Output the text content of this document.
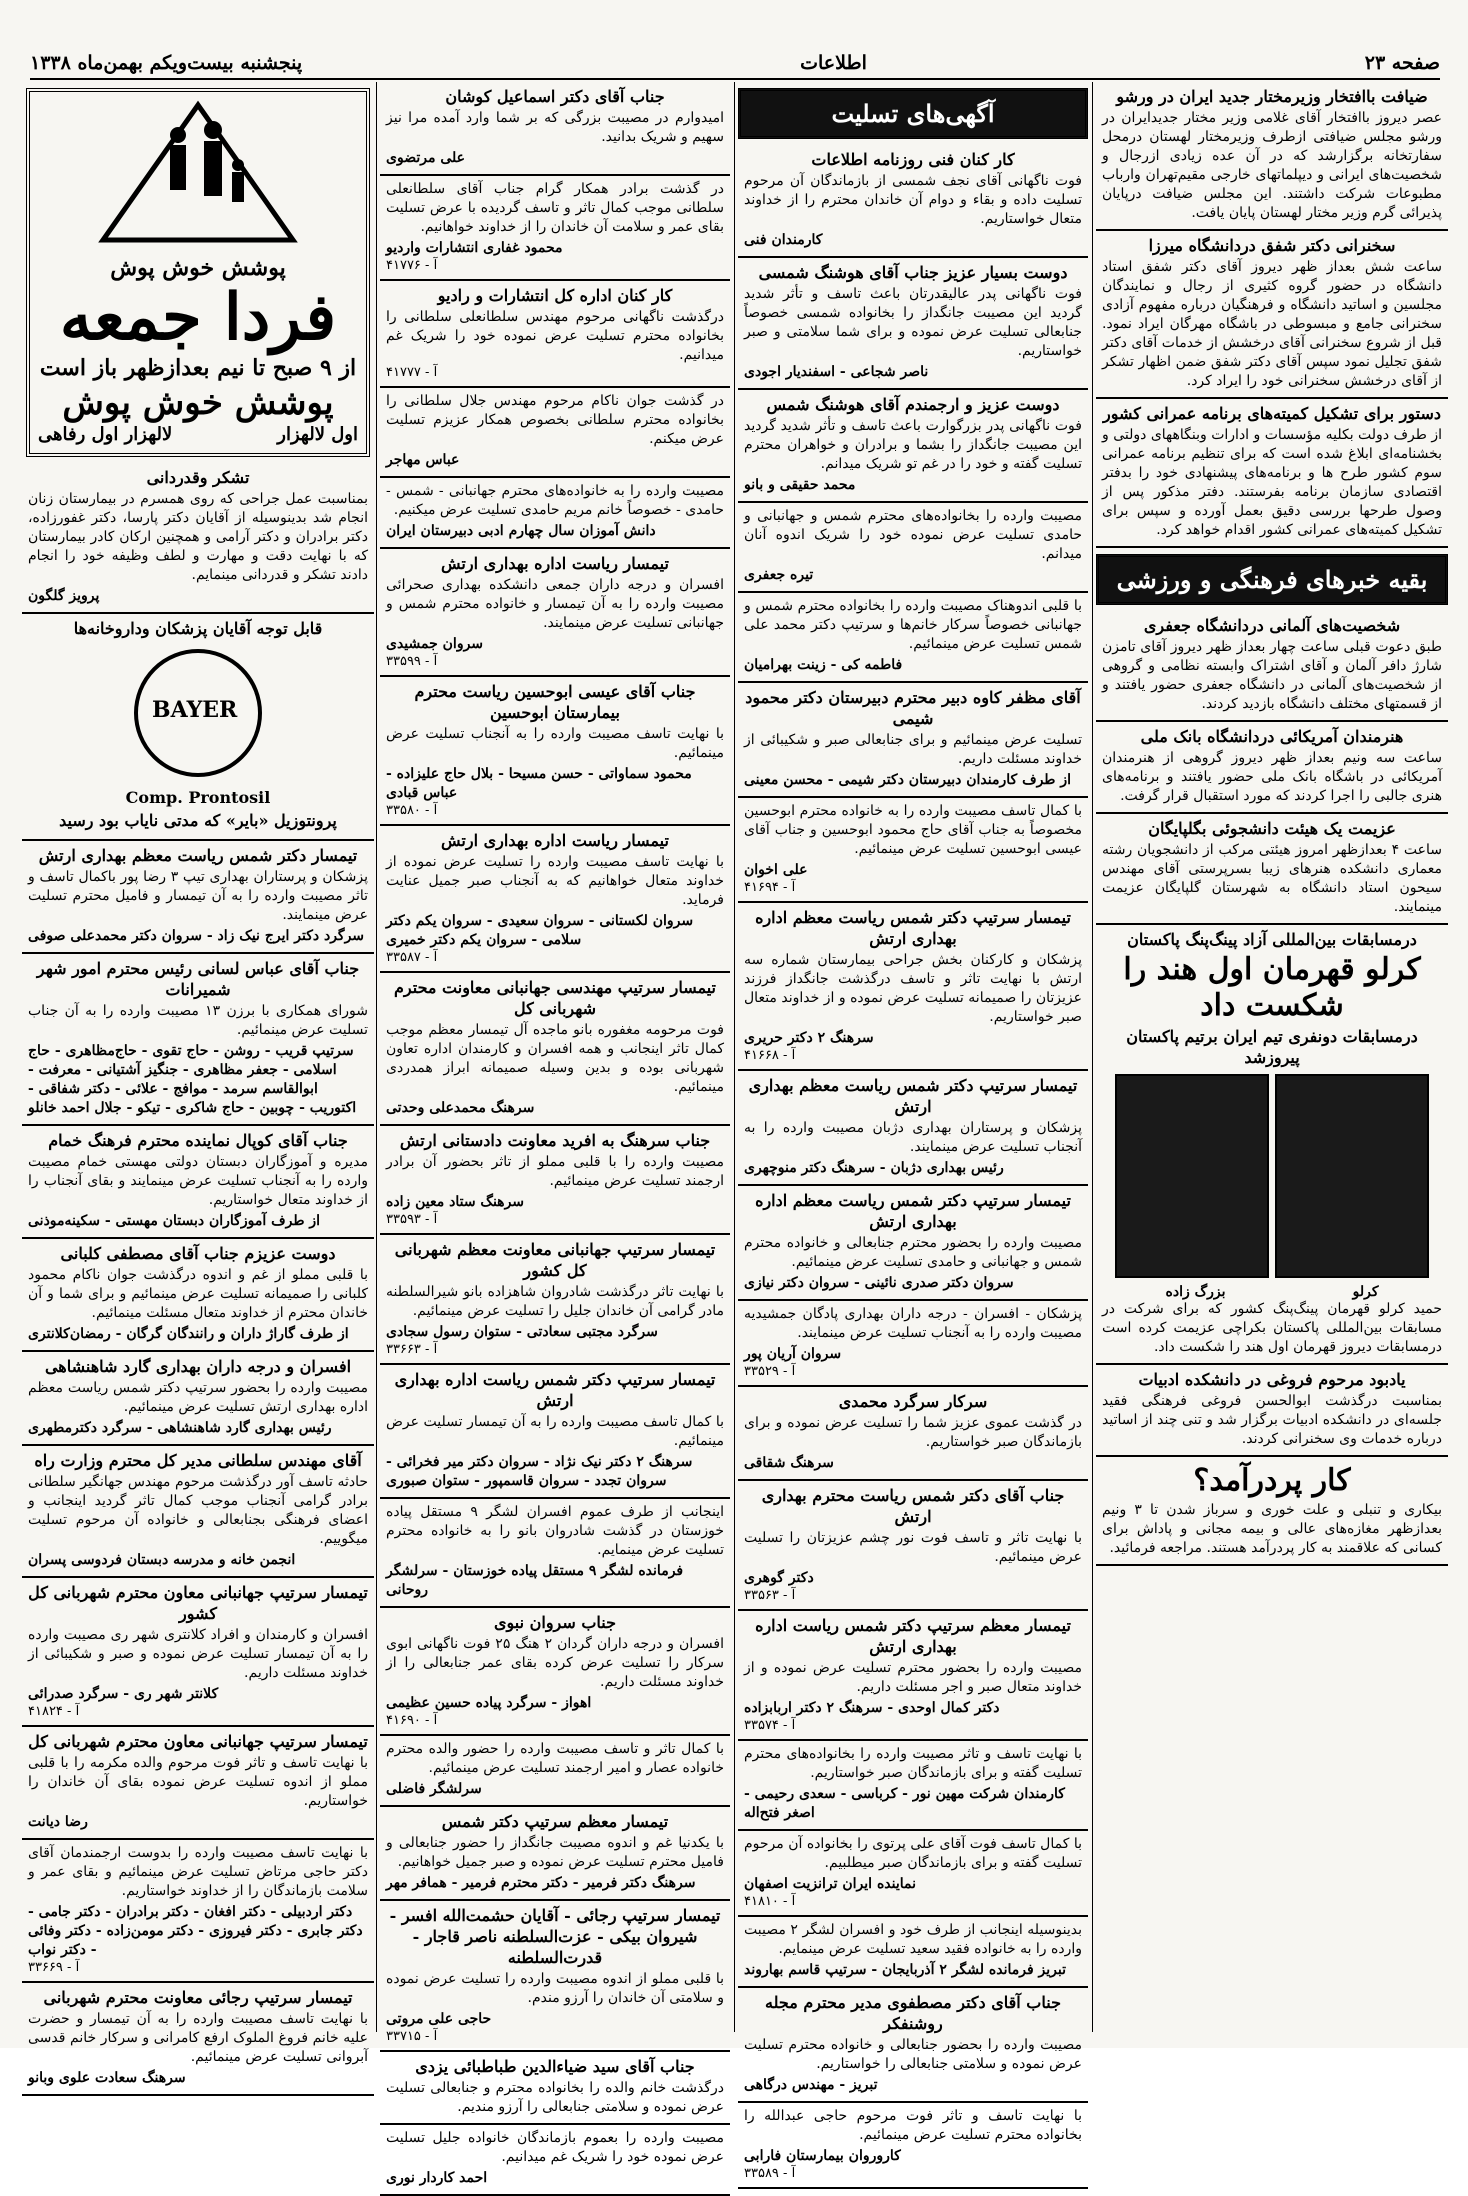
صفحه ۲۳
اطلاعات
پنجشنبه بیست‌ویکم بهمن‌ماه ۱۳۳۸

ضیافت باافتخار وزیرمختار جدید ایران در ورشو

عصر دیروز باافتخار آقای غلامی وزیر مختار جدیدایران در ورشو مجلس ضیافتی ازطرف وزیرمختار لهستان درمحل سفارتخانه برگزارشد که در آن عده زیادی ازرجال و شخصیت‌های ایرانی و دیپلماتهای خارجی مقیم‌تهران وارباب مطبوعات شرکت داشتند. این مجلس ضیافت درپایان پذیرائی گرم وزیر مختار لهستان پایان یافت.

سخنرانی دکتر شفق دردانشگاه میرزا

ساعت شش بعداز ظهر دیروز آقای دکتر شفق استاد دانشگاه در حضور گروه کثیری از رجال و نمایندگان مجلسین و اساتید دانشگاه و فرهنگیان درباره مفهوم آزادی سخنرانی جامع و مبسوطی در باشگاه مهرگان ایراد نمود. قبل از شروع سخنرانی آقای درخشش از خدمات آقای دکتر شفق تجلیل نمود سپس آقای دکتر شفق ضمن اظهار تشکر از آقای درخشش سخنرانی خود را ایراد کرد.

دستور برای تشکیل کمیته‌های برنامه عمرانی کشور

از طرف دولت بکلیه مؤسسات و ادارات وبنگاههای دولتی و بخشنامه‌ای ابلاغ شده است که برای تنظیم برنامه عمرانی سوم کشور طرح ها و برنامه‌های پیشنهادی خود را بدفتر اقتصادی سازمان برنامه بفرستند. دفتر مذکور پس از وصول طرحها بررسی دقیق بعمل آورده و سپس برای تشکیل کمیته‌های عمرانی کشور اقدام خواهد کرد.

بقیه خبرهای فرهنگی و ورزشی

شخصیت‌های آلمانی دردانشگاه جعفری

طبق دعوت قبلی ساعت چهار بعداز ظهر دیروز آقای تامزن شارژ دافر آلمان و آقای اشتراک وابسته نظامی و گروهی از شخصیت‌های آلمانی در دانشگاه جعفری حضور یافتند و از قسمتهای مختلف دانشگاه بازدید کردند.

هنرمندان آمریکائی دردانشگاه بانک ملی

ساعت سه ونیم بعداز ظهر دیروز گروهی از هنرمندان آمریکائی در باشگاه بانک ملی حضور یافتند و برنامه‌های هنری جالبی را اجرا کردند که مورد استقبال قرار گرفت.

عزیمت یک هیئت دانشجوئی بگلپایگان

ساعت ۴ بعدازظهر امروز هیئتی مرکب از دانشجویان رشته معماری دانشکده هنرهای زیبا بسرپرستی آقای مهندس سیحون استاد دانشگاه به شهرستان گلپایگان عزیمت مینمایند.

درمسابقات بین‌المللی آزاد پینگ‌پنگ پاکستان

کرلو قهرمان اول هند را شکست داد

درمسابقات دونفری تیم ایران برتیم پاکستان پیروزشد

کرلو
بزرگ زاده

حمید کرلو قهرمان پینگ‌پنگ کشور که برای شرکت در مسابقات بین‌المللی پاکستان بکراچی عزیمت کرده است درمسابقات دیروز قهرمان اول هند را شکست داد.

یادبود مرحوم فروغی در دانشکده ادبیات

بمناسبت درگذشت ابوالحسن فروغی فرهنگی فقید جلسه‌ای در دانشکده ادبیات برگزار شد و تنی چند از اساتید درباره خدمات وی سخنرانی کردند.

کار پردرآمد؟

بیکاری و تنبلی و علت خوری و سرباز شدن تا ۳ ونیم بعدازظهر مغازه‌های عالی و بیمه مجانی و پاداش برای کسانی که علاقمند به کار پردرآمد هستند. مراجعه فرمائید.

آگهی‌های تسلیت

کار کنان فنی روزنامه اطلاعات

فوت ناگهانی آقای نجف شمسی از بازماندگان آن مرحوم تسلیت داده و بقاء و دوام آن خاندان محترم را از خداوند متعال خواستاریم.

کارمندان فنی

دوست بسیار عزیز جناب آقای هوشنگ شمسی

فوت ناگهانی پدر عالیقدرتان باعث تاسف و تأثر شدید گردید این مصیبت جانگداز را بخانواده شمسی خصوصاً جنابعالی تسلیت عرض نموده و برای شما سلامتی و صبر خواستاریم.

ناصر شجاعی - اسفندیار اجودی

دوست عزیز و ارجمندم آقای هوشنگ شمس

فوت ناگهانی پدر بزرگوارت باعث تاسف و تأثر شدید گردید این مصیبت جانگداز را بشما و برادران و خواهران محترم تسلیت گفته و خود را در غم تو شریک میدانم.

محمد حقیقی و بانو

مصیبت وارده را بخانواده‌های محترم شمس و جهانبانی و حامدی تسلیت عرض نموده خود را شریک اندوه آنان میدانم.

تیره جعفری

با قلبی اندوهناک مصیبت وارده را بخانواده محترم شمس و جهانبانی خصوصاً سرکار خانم‌ها و سرتیپ دکتر محمد علی شمس تسلیت عرض مینمائیم.

فاطمه کی - زینت بهرامیان

آقای مظفر کاوه دبیر محترم دبیرستان دکتر محمود شیمی

تسلیت عرض مینمائیم و برای جنابعالی صبر و شکیبائی از خداوند مسئلت داریم.

از طرف کارمندان دبیرستان دکتر شیمی - محسن معینی

با کمال تاسف مصیبت وارده را به خانواده محترم ابوحسین مخصوصاً به جناب آقای حاج محمود ابوحسین و جناب آقای عیسی ابوحسین تسلیت عرض مینمائیم.

علی اخوان

آ - ۴۱۶۹۴

تیمسار سرتیپ دکتر شمس ریاست معظم اداره بهداری ارتش

پزشکان و کارکنان بخش جراحی بیمارستان شماره سه ارتش با نهایت تاثر و تاسف درگذشت جانگداز فرزند عزیزتان را صمیمانه تسلیت عرض نموده و از خداوند متعال صبر خواستاریم.

سرهنگ ۲ دکتر حریری

آ - ۴۱۶۶۸

تیمسار سرتیپ دکتر شمس ریاست معظم بهداری ارتش

پزشکان و پرستاران بهداری دژبان مصیبت وارده را به آنجناب تسلیت عرض مینمایند.

رئیس بهداری دژبان - سرهنگ دکتر منوچهری

تیمسار سرتیپ دکتر شمس ریاست معظم اداره بهداری ارتش

مصیبت وارده را بحضور محترم جنابعالی و خانواده محترم شمس و جهانبانی و حامدی تسلیت عرض مینمائیم.

سروان دکتر صدری نائینی - سروان دکتر نیازی

پزشکان - افسران - درجه داران بهداری پادگان جمشیدیه مصیبت وارده را به آنجناب تسلیت عرض مینمایند.

سروان آریان پور

آ - ۳۳۵۲۹

سرکار سرگرد محمدی

در گذشت عموی عزیز شما را تسلیت عرض نموده و برای بازماندگان صبر خواستاریم.

سرهنگ شقاقی

جناب آقای دکتر شمس ریاست محترم بهداری ارتش

با نهایت تاثر و تاسف فوت نور چشم عزیزتان را تسلیت عرض مینمائیم.

دکتر گوهری

آ - ۳۳۵۶۳

تیمسار معظم سرتیپ دکتر شمس ریاست اداره بهداری ارتش

مصیبت وارده را بحضور محترم تسلیت عرض نموده و از خداوند متعال صبر و اجر مسئلت داریم.

دکتر کمال اوحدی - سرهنگ ۲ دکتر اربابزاده

آ - ۳۳۵۷۴

با نهایت تاسف و تاثر مصیبت وارده را بخانواده‌های محترم تسلیت گفته و برای بازماندگان صبر خواستاریم.

کارمندان شرکت مهین نور - کرباسی - سعدی رحیمی - اصغر فتح‌اله

با کمال تاسف فوت آقای علی پرتوی را بخانواده آن مرحوم تسلیت گفته و برای بازماندگان صبر میطلبیم.

نماینده ایران ترانزیت اصفهان

آ - ۴۱۸۱۰

بدینوسیله اینجانب از طرف خود و افسران لشگر ۲ مصیبت وارده را به خانواده فقید سعید تسلیت عرض مینمایم.

تبریز فرمانده لشگر ۲ آذربایجان - سرتیپ قاسم بهاروند

جناب آقای دکتر مصطفوی مدیر محترم مجله روشنفکر

مصیبت وارده را بحضور جنابعالی و خانواده محترم تسلیت عرض نموده و سلامتی جنابعالی را خواستاریم.

تبریز - مهندس درگاهی

با نهایت تاسف و تاثر فوت مرحوم حاجی عبدالله را بخانواده محترم تسلیت عرض مینمائیم.

کاروروان بیمارستان فارابی

آ - ۳۳۵۸۹

جناب آقای دکتر اسماعیل کوشان

امیدوارم در مصیبت بزرگی که بر شما وارد آمده مرا نیز سهیم و شریک بدانید.

علی مرتضوی

در گذشت برادر همکار گرام جناب آقای سلطانعلی سلطانی موجب کمال تاثر و تاسف گردیده با عرض تسلیت بقای عمر و سلامت آن خاندان را از خداوند خواهانیم.

محمود غفاری انتشارات واردیو

آ - ۴۱۷۷۶

کار کنان اداره کل انتشارات و رادیو

درگذشت ناگهانی مرحوم مهندس سلطانعلی سلطانی را بخانواده محترم تسلیت عرض نموده خود را شریک غم میدانیم.

آ - ۴۱۷۷۷

در گذشت جوان ناکام مرحوم مهندس جلال سلطانی را بخانواده محترم سلطانی بخصوص همکار عزیزم تسلیت عرض میکنم.

عباس مهاجر

مصیبت وارده را به خانواده‌های محترم جهانبانی - شمس - حامدی - خصوصاً خانم مریم حامدی تسلیت عرض میکنیم.

دانش آموزان سال چهارم ادبی دبیرستان ایران

تیمسار ریاست اداره بهداری ارتش

افسران و درجه داران جمعی دانشکده بهداری صحرائی مصیبت وارده را به آن تیمسار و خانواده محترم شمس و جهانبانی تسلیت عرض مینمایند.

سروان جمشیدی

آ - ۳۳۵۹۹

جناب آقای عیسی ابوحسین ریاست محترم بیمارستان ابوحسین

با نهایت تاسف مصیبت وارده را به آنجناب تسلیت عرض مینمائیم.

محمود سماواتی - حسن مسیحا - بلال حاج علیزاده - عباس قبادی

آ - ۳۳۵۸۰

تیمسار ریاست اداره بهداری ارتش

با نهایت تاسف مصیبت وارده را تسلیت عرض نموده از خداوند متعال خواهانیم که به آنجناب صبر جمیل عنایت فرماید.

سروان لکستانی - سروان سعیدی - سروان یکم دکتر سلامی - سروان یکم دکتر خمیری

آ - ۳۳۵۸۷

تیمسار سرتیپ مهندسی جهانبانی معاونت محترم شهربانی کل

فوت مرحومه مغفوره بانو ماجده آل تیمسار معظم موجب کمال تاثر اینجانب و همه افسران و کارمندان اداره تعاون شهربانی بوده و بدین وسیله صمیمانه ابراز همدردی مینمائیم.

سرهنگ محمدعلی وحدتی

جناب سرهنگ به افرید معاونت دادستانی ارتش

مصیبت وارده را با قلبی مملو از تاثر بحضور آن برادر ارجمند تسلیت عرض مینمائیم.

سرهنگ ستاد معین زاده

آ - ۳۳۵۹۳

تیمسار سرتیپ جهانبانی معاونت معظم شهربانی کل کشور

با نهایت تاثر درگذشت شادروان شاهزاده بانو شیرالسلطنه مادر گرامی آن خاندان جلیل را تسلیت عرض مینمائیم.

سرگرد مجتبی سعادتی - ستوان رسول سجادی

آ - ۳۳۶۶۳

تیمسار سرتیپ دکتر شمس ریاست اداره بهداری ارتش

با کمال تاسف مصیبت وارده را به آن تیمسار تسلیت عرض مینمائیم.

سرهنگ ۲ دکتر نیک نژاد - سروان دکتر میر فخرائی - سروان تجدد - سروان قاسمپور - ستوان صبوری

اینجانب از طرف عموم افسران لشگر ۹ مستقل پیاده خوزستان در گذشت شادروان بانو را به خانواده محترم تسلیت عرض مینمایم.

فرمانده لشگر ۹ مستقل پیاده خوزستان - سرلشگر روحانی

جناب سروان نبوی

افسران و درجه داران گردان ۲ هنگ ۲۵ فوت ناگهانی ابوی سرکار را تسلیت عرض کرده بقای عمر جنابعالی را از خداوند مسئلت داریم.

اهواز - سرگرد پیاده حسین عظیمی

آ - ۴۱۶۹۰

با کمال تاثر و تاسف مصیبت وارده را حضور والده محترم خانواده عصار و امیر ارجمند تسلیت عرض مینمائیم.

سرلشگر فاضلی

تیمسار معظم سرتیپ دکتر شمس

با یکدنیا غم و اندوه مصیبت جانگداز را حضور جنابعالی و فامیل محترم تسلیت عرض نموده و صبر جمیل خواهانیم.

سرهنگ دکتر فرمیر - دکتر محترم فرمیر - همافر مهر

تیمسار سرتیپ رجائی - آقایان حشمت‌الله افسر - شیروان بیکی - عزت‌السلطنه ناصر قاجار - قدرت‌السلطنه

با قلبی مملو از اندوه مصیبت وارده را تسلیت عرض نموده و سلامتی آن خاندان را آرزو مندم.

حاجی علی مروتی

آ - ۳۳۷۱۵

جناب آقای سید ضیاءالدین طباطبائی یزدی

درگذشت خانم والده را بخانواده محترم و جنابعالی تسلیت عرض نموده و سلامتی جنابعالی را آرزو مندیم.

مصیبت وارده را بعموم بازماندگان خانواده جلیل تسلیت عرض نموده خود را شریک غم میدانیم.

احمد کاردار نوری

پوشش خوش پوش
فردا جمعه
از ۹ صبح تا نیم بعدازظهر باز است
پوشش خوش پوش
اول لالهزار
لالهزار اول رفاهی

تشکر وقدردانی

بمناسبت عمل جراحی که روی همسرم در بیمارستان زنان انجام شد بدینوسیله از آقایان دکتر پارسا، دکتر غفورزاده، دکتر برادران و دکتر آرامی و همچنین ارکان کادر بیمارستان که با نهایت دقت و مهارت و لطف وظیفه خود را انجام دادند تشکر و قدردانی مینمایم.

پرویز گلگون

قابل توجه آقایان پزشکان وداروخانه‌ها

BAYER

Comp. Prontosil

پرونتوزیل «بایر» که مدتی نایاب بود رسید

تیمسار دکتر شمس ریاست معظم بهداری ارتش

پزشکان و پرستاران بهداری تیپ ۳ رضا پور باکمال تاسف و تاثر مصیبت وارده را به آن تیمسار و فامیل محترم تسلیت عرض مینمایند.

سرگرد دکتر ایرج نیک زاد - سروان دکتر محمدعلی صوفی

جناب آقای عباس لسانی رئیس محترم امور شهر شمیرانات

شورای همکاری با برزن ۱۳ مصیبت وارده را به آن جناب تسلیت عرض مینمائیم.

سرتیپ قریب - روشن - حاج تقوی - حاج‌مظاهری - حاج اسلامی - جعفر مظاهری - جنگیز آشتیانی - معرفت - ابوالقاسم سرمد - موافج - علائی - دکتر شفاقی - اکتوریب - چوبین - حاج شاکری - تیکو - جلال احمد خانلو

جناب آقای کوپال نماینده محترم فرهنگ خمام

مدیره و آموزگاران دبستان دولتی مهستی خمام مصیبت وارده را به آنجناب تسلیت عرض مینمایند و بقای آنجناب را از خداوند متعال خواستاریم.

از طرف آموزگاران دبستان مهستی - سکینه‌موذنی

دوست عزیزم جناب آقای مصطفی کلبانی

با قلبی مملو از غم و اندوه درگذشت جوان ناکام محمود کلبانی را صمیمانه تسلیت عرض مینمائیم و برای شما و آن خاندان محترم از خداوند متعال مسئلت مینمائیم.

از طرف گاراژ داران و رانندگان گرگان - رمضان‌کلانتری

افسران و درجه داران بهداری گارد شاهنشاهی

مصیبت وارده را بحضور سرتیپ دکتر شمس ریاست معظم اداره بهداری ارتش تسلیت عرض مینمائیم.

رئیس بهداری گارد شاهنشاهی - سرگرد دکترمطهری

آقای مهندس سلطانی مدیر کل محترم وزارت راه

حادثه تاسف آور درگذشت مرحوم مهندس جهانگیر سلطانی برادر گرامی آنجناب موجب کمال تاثر گردید اینجانب و اعضای فرهنگی بجنابعالی و خانواده آن مرحوم تسلیت میگوییم.

انجمن خانه و مدرسه دبستان فردوسی پسران

تیمسار سرتیپ جهانبانی معاون محترم شهربانی کل کشور

افسران و کارمندان و افراد کلانتری شهر ری مصیبت وارده را به آن تیمسار تسلیت عرض نموده و صبر و شکیبائی از خداوند مسئلت داریم.

کلانتر شهر ری - سرگرد صدرائی

آ - ۴۱۸۲۴

تیمسار سرتیپ جهانبانی معاون محترم شهربانی کل

با نهایت تاسف و تاثر فوت مرحوم والده مکرمه را با قلبی مملو از اندوه تسلیت عرض نموده بقای آن خاندان را خواستاریم.

رضا دیانت

با نهایت تاسف مصیبت وارده را بدوست ارجمندمان آقای دکتر حاجی مرتاض تسلیت عرض مینمائیم و بقای عمر و سلامت بازماندگان را از خداوند خواستاریم.

دکتر اردبیلی - دکتر افغان - دکتر برادران - دکتر جامی - دکتر جابری - دکتر فیروزی - دکتر مومن‌زاده - دکتر وفائی - دکتر نواب

آ - ۳۳۶۶۹

تیمسار سرتیپ رجائی معاونت محترم شهربانی

با نهایت تاسف مصیبت وارده را به آن تیمسار و حضرت علیه خانم فروغ الملوک ارفع کامرانی و سرکار خانم قدسی آبروانی تسلیت عرض مینمائیم.

سرهنگ سعادت علوی وبانو
